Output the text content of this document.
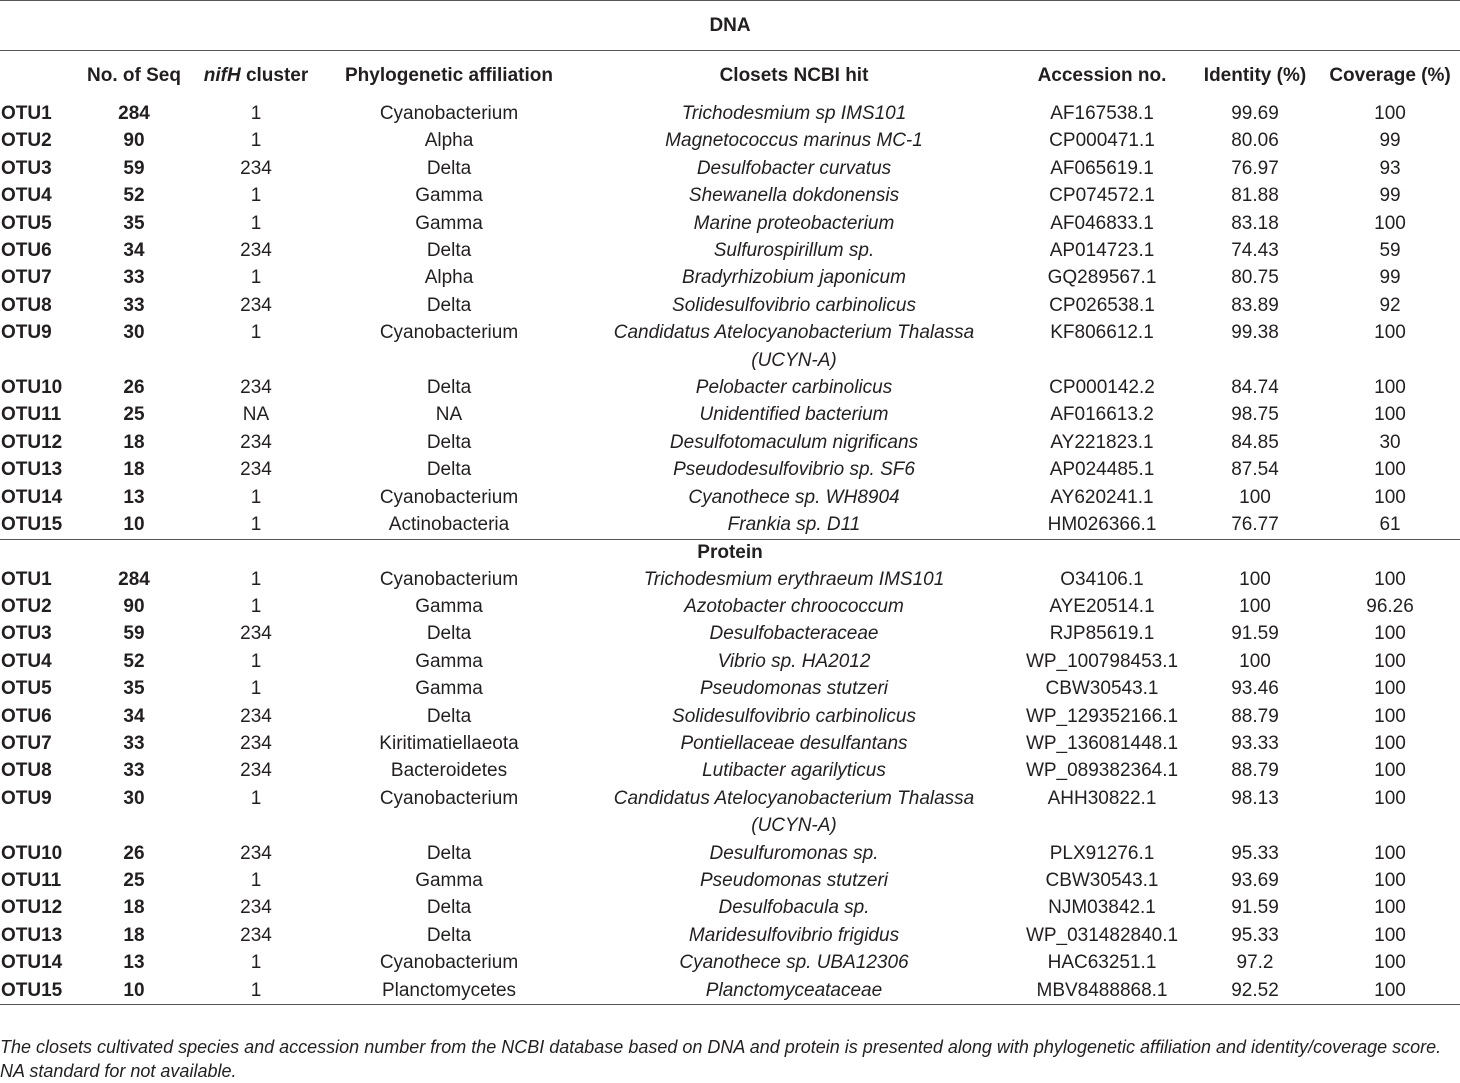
DNA							
	No. of Seq	nifH cluster	Phylogenetic affiliation	Closets NCBI hit	Accession no.	Identity (%)	Coverage (%)
OTU1	284	1	Cyanobacterium	Trichodesmium sp IMS101	AF167538.1	99.69	100
OTU2	90	1	Alpha	Magnetococcus marinus MC-1	CP000471.1	80.06	99
OTU3	59	234	Delta	Desulfobacter curvatus	AF065619.1	76.97	93
OTU4	52	1	Gamma	Shewanella dokdonensis	CP074572.1	81.88	99
OTU5	35	1	Gamma	Marine proteobacterium	AF046833.1	83.18	100
OTU6	34	234	Delta	Sulfurospirillum sp.	AP014723.1	74.43	59
OTU7	33	1	Alpha	Bradyrhizobium japonicum	GQ289567.1	80.75	99
OTU8	33	234	Delta	Solidesulfovibrio carbinolicus	CP026538.1	83.89	92
OTU9	30	1	Cyanobacterium	Candidatus Atelocyanobacterium Thalassa	KF806612.1	99.38	100
				(UCYN-A)			
OTU10	26	234	Delta	Pelobacter carbinolicus	CP000142.2	84.74	100
OTU11	25	NA	NA	Unidentified bacterium	AF016613.2	98.75	100
OTU12	18	234	Delta	Desulfotomaculum nigrificans	AY221823.1	84.85	30
OTU13	18	234	Delta	Pseudodesulfovibrio sp. SF6	AP024485.1	87.54	100
OTU14	13	1	Cyanobacterium	Cyanothece sp. WH8904	AY620241.1	100	100
OTU15	10	1	Actinobacteria	Frankia sp. D11	HM026366.1	76.77	61
Protein							
OTU1	284	1	Cyanobacterium	Trichodesmium erythraeum IMS101	O34106.1	100	100
OTU2	90	1	Gamma	Azotobacter chroococcum	AYE20514.1	100	96.26
OTU3	59	234	Delta	Desulfobacteraceae	RJP85619.1	91.59	100
OTU4	52	1	Gamma	Vibrio sp. HA2012	WP_100798453.1	100	100
OTU5	35	1	Gamma	Pseudomonas stutzeri	CBW30543.1	93.46	100
OTU6	34	234	Delta	Solidesulfovibrio carbinolicus	WP_129352166.1	88.79	100
OTU7	33	234	Kiritimatiellaeota	Pontiellaceae desulfantans	WP_136081448.1	93.33	100
OTU8	33	234	Bacteroidetes	Lutibacter agarilyticus	WP_089382364.1	88.79	100
OTU9	30	1	Cyanobacterium	Candidatus Atelocyanobacterium Thalassa	AHH30822.1	98.13	100
				(UCYN-A)			
OTU10	26	234	Delta	Desulfuromonas sp.	PLX91276.1	95.33	100
OTU11	25	1	Gamma	Pseudomonas stutzeri	CBW30543.1	93.69	100
OTU12	18	234	Delta	Desulfobacula sp.	NJM03842.1	91.59	100
OTU13	18	234	Delta	Maridesulfovibrio frigidus	WP_031482840.1	95.33	100
OTU14	13	1	Cyanobacterium	Cyanothece sp. UBA12306	HAC63251.1	97.2	100
OTU15	10	1	Planctomycetes	Planctomyceataceae	MBV8488868.1	92.52	100

The closets cultivated species and accession number from the NCBI database based on DNA and protein is presented along with phylogenetic affiliation and identity/coverage score. NA standard for not available.
